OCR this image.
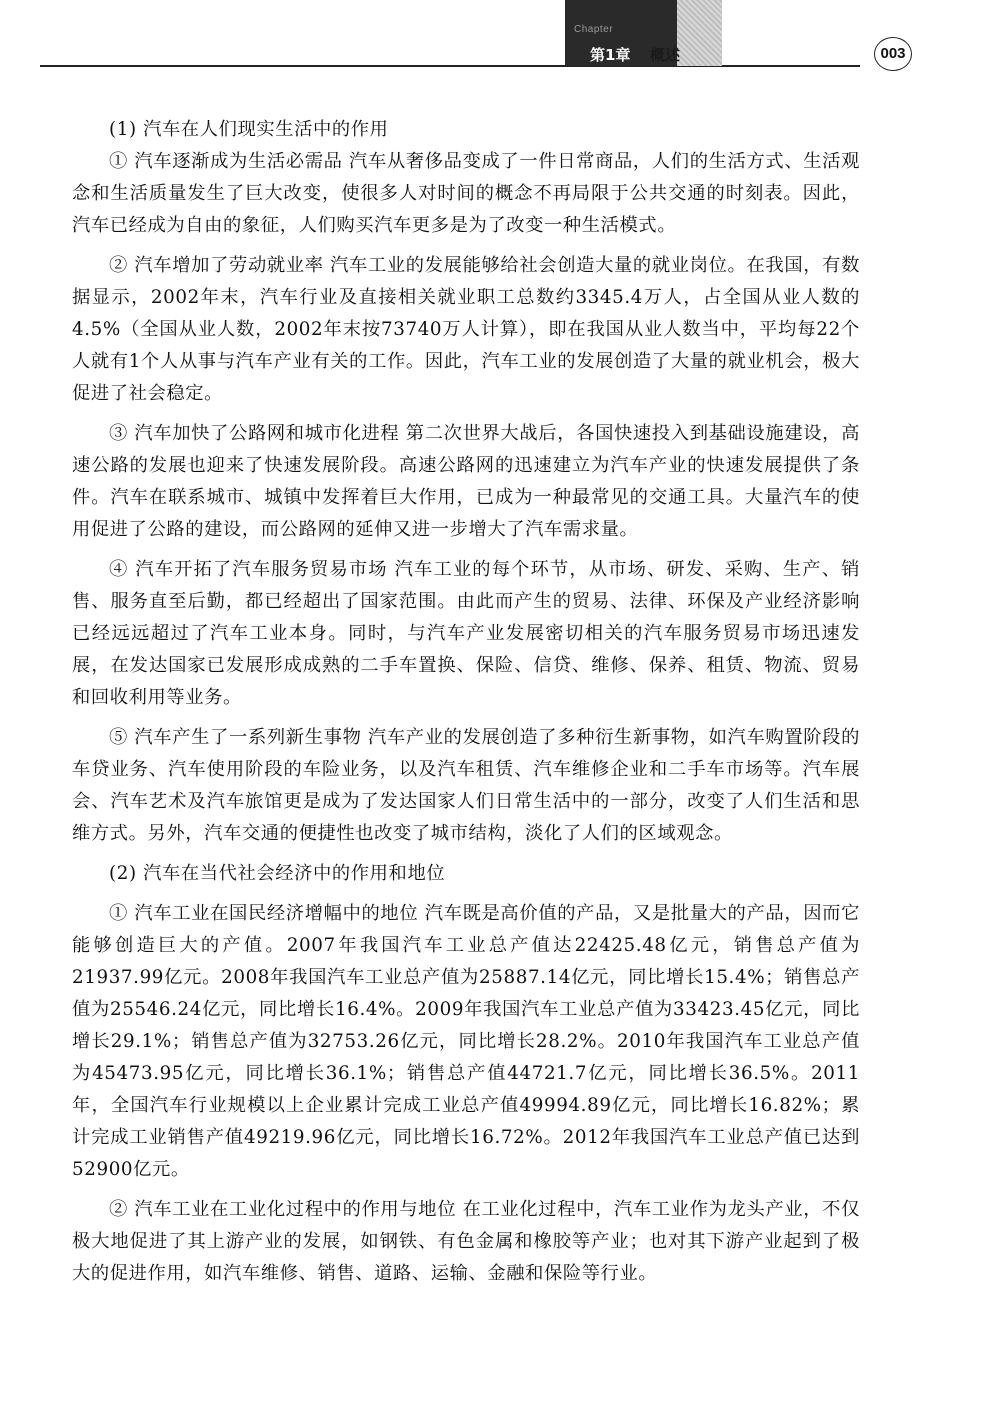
Chapter
第1章 概述	003

(1) 汽车在人们现实生活中的作用

① 汽车逐渐成为生活必需品 汽车从奢侈品变成了一件日常商品，人们的生活方式、生活观念和生活质量发生了巨大改变，使很多人对时间的概念不再局限于公共交通的时刻表。因此，汽车已经成为自由的象征，人们购买汽车更多是为了改变一种生活模式。

② 汽车增加了劳动就业率 汽车工业的发展能够给社会创造大量的就业岗位。在我国，有数据显示，2002年末，汽车行业及直接相关就业职工总数约3345.4万人，占全国从业人数的4.5%（全国从业人数，2002年末按73740万人计算），即在我国从业人数当中，平均每22个人就有1个人从事与汽车产业有关的工作。因此，汽车工业的发展创造了大量的就业机会，极大促进了社会稳定。

③ 汽车加快了公路网和城市化进程 第二次世界大战后，各国快速投入到基础设施建设，高速公路的发展也迎来了快速发展阶段。高速公路网的迅速建立为汽车产业的快速发展提供了条件。汽车在联系城市、城镇中发挥着巨大作用，已成为一种最常见的交通工具。大量汽车的使用促进了公路的建设，而公路网的延伸又进一步增大了汽车需求量。

④ 汽车开拓了汽车服务贸易市场 汽车工业的每个环节，从市场、研发、采购、生产、销售、服务直至后勤，都已经超出了国家范围。由此而产生的贸易、法律、环保及产业经济影响已经远远超过了汽车工业本身。同时，与汽车产业发展密切相关的汽车服务贸易市场迅速发展，在发达国家已发展形成成熟的二手车置换、保险、信贷、维修、保养、租赁、物流、贸易和回收利用等业务。

⑤ 汽车产生了一系列新生事物 汽车产业的发展创造了多种衍生新事物，如汽车购置阶段的车贷业务、汽车使用阶段的车险业务，以及汽车租赁、汽车维修企业和二手车市场等。汽车展会、汽车艺术及汽车旅馆更是成为了发达国家人们日常生活中的一部分，改变了人们生活和思维方式。另外，汽车交通的便捷性也改变了城市结构，淡化了人们的区域观念。

(2) 汽车在当代社会经济中的作用和地位

① 汽车工业在国民经济增幅中的地位 汽车既是高价值的产品，又是批量大的产品，因而它能够创造巨大的产值。2007年我国汽车工业总产值达22425.48亿元，销售总产值为21937.99亿元。2008年我国汽车工业总产值为25887.14亿元，同比增长15.4%；销售总产值为25546.24亿元，同比增长16.4%。2009年我国汽车工业总产值为33423.45亿元，同比增长29.1%；销售总产值为32753.26亿元，同比增长28.2%。2010年我国汽车工业总产值为45473.95亿元，同比增长36.1%；销售总产值44721.7亿元，同比增长36.5%。2011年，全国汽车行业规模以上企业累计完成工业总产值49994.89亿元，同比增长16.82%；累计完成工业销售产值49219.96亿元，同比增长16.72%。2012年我国汽车工业总产值已达到52900亿元。

② 汽车工业在工业化过程中的作用与地位 在工业化过程中，汽车工业作为龙头产业，不仅极大地促进了其上游产业的发展，如钢铁、有色金属和橡胶等产业；也对其下游产业起到了极大的促进作用，如汽车维修、销售、道路、运输、金融和保险等行业。
